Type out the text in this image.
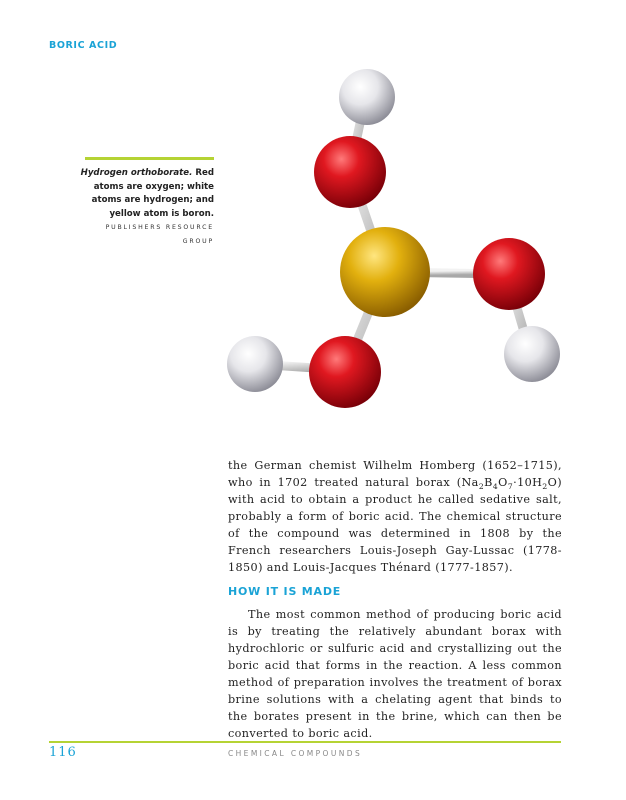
BORIC ACID
Hydrogen orthoborate. Red atoms are oxygen; white atoms are hydrogen; and yellow atom is boron. PUBLISHERS RESOURCE GROUP
the German chemist Wilhelm Homberg (1652–1715), who in 1702 treated natural borax $(Na_2B_4O_7\cdot 10H_2O)$ with acid to obtain a product he called sedative salt, probably a form of boric acid. The chemical structure of the compound was determined in 1808 by the French researchers Louis-Joseph Gay-Lussac (1778-1850) and Louis-Jacques Thénard (1777-1857).
HOW IT IS MADE
The most common method of producing boric acid is by treating the relatively abundant borax with hydrochloric or sulfuric acid and crystallizing out the boric acid that forms in the reaction. A less common method of preparation involves the treatment of borax brine solutions with a chelating agent that binds to the borates present in the brine, which can then be converted to boric acid.
116	CHEMICAL COMPOUNDS
